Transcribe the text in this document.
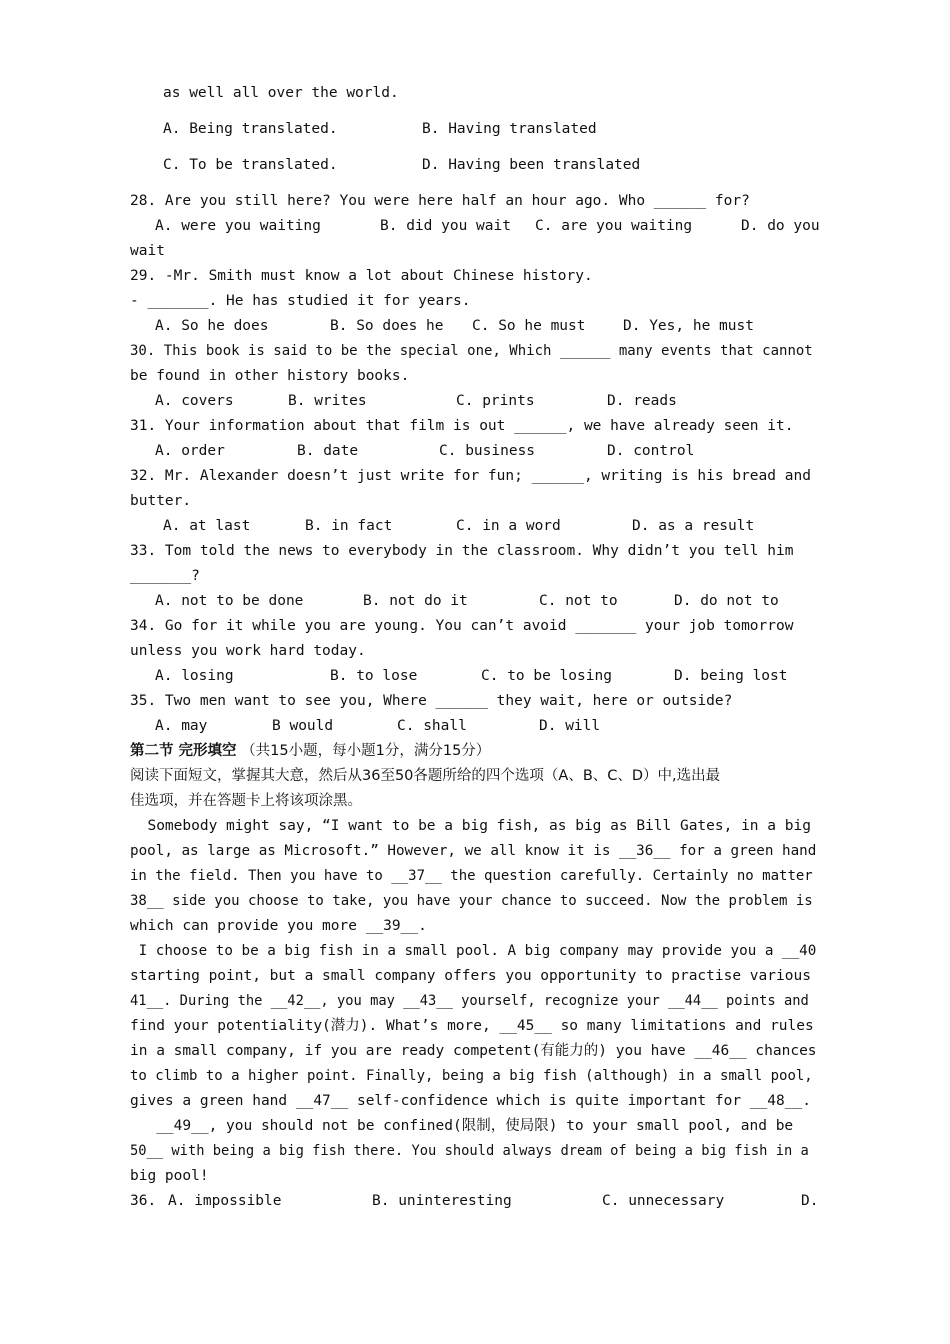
as well all over the world.
A. Being translated.	B. Having translated
C. To be translated.	D. Having been translated
28. Are you still here? You were here half an hour ago. Who ______ for?
A. were you waiting	B. did you wait C. are you waiting	D. do you
wait
29. -Mr. Smith must know a lot about Chinese history.
- _______. He has studied it for years.
A. So he does	B. So does he C. So he must	D. Yes, he must
30. This book is said to be the special one, Which ______ many events that cannot
be found in other history books.
A. covers	B. writes	C. prints	D. reads
31. Your information about that film is out ______, we have already seen it.
A. order	B. date	C. business	D. control
32. Mr. Alexander doesn’t just write for fun; ______, writing is his bread and
butter.
A. at last	B. in fact	C. in a word	D. as a result
33. Tom told the news to everybody in the classroom. Why didn’t you tell him
_______?
A. not to be done	B. not do it	C. not to	D. do not to
34. Go for it while you are young. You can’t avoid _______ your job tomorrow
unless you work hard today.
A. losing	B. to lose	C. to be losing	D. being lost
35. Two men want to see you, Where ______ they wait, here or outside?
A. may	B would	C. shall	D. will
第二节 完形填空 （共15小题，每小题1分，满分15分）
阅读下面短文，掌握其大意，然后从36至50各题所给的四个选项（A、B、C、D）中,选出最
佳选项，并在答题卡上将该项涂黑。
Somebody might say, “I want to be a big fish, as big as Bill Gates, in a big
pool, as large as Microsoft.” However, we all know it is __36__ for a green hand
in the field. Then you have to __37__ the question carefully. Certainly no matter
38__ side you choose to take, you have your chance to succeed. Now the problem is
which can provide you more __39__.
I choose to be a big fish in a small pool. A big company may provide you a __40
starting point, but a small company offers you opportunity to practise various
41__. During the __42__, you may __43__ yourself, recognize your __44__ points and
find your potentiality(潜力). What’s more, __45__ so many limitations and rules
in a small company, if you are ready competent(有能力的) you have __46__ chances
to climb to a higher point. Finally, being a big fish (although) in a small pool,
gives a green hand __47__ self-confidence which is quite important for __48__.
__49__, you should not be confined(限制，使局限) to your small pool, and be
50__ with being a big fish there. You should always dream of being a big fish in a
big pool!
36. A. impossible	B. uninteresting	C. unnecessary	D.
